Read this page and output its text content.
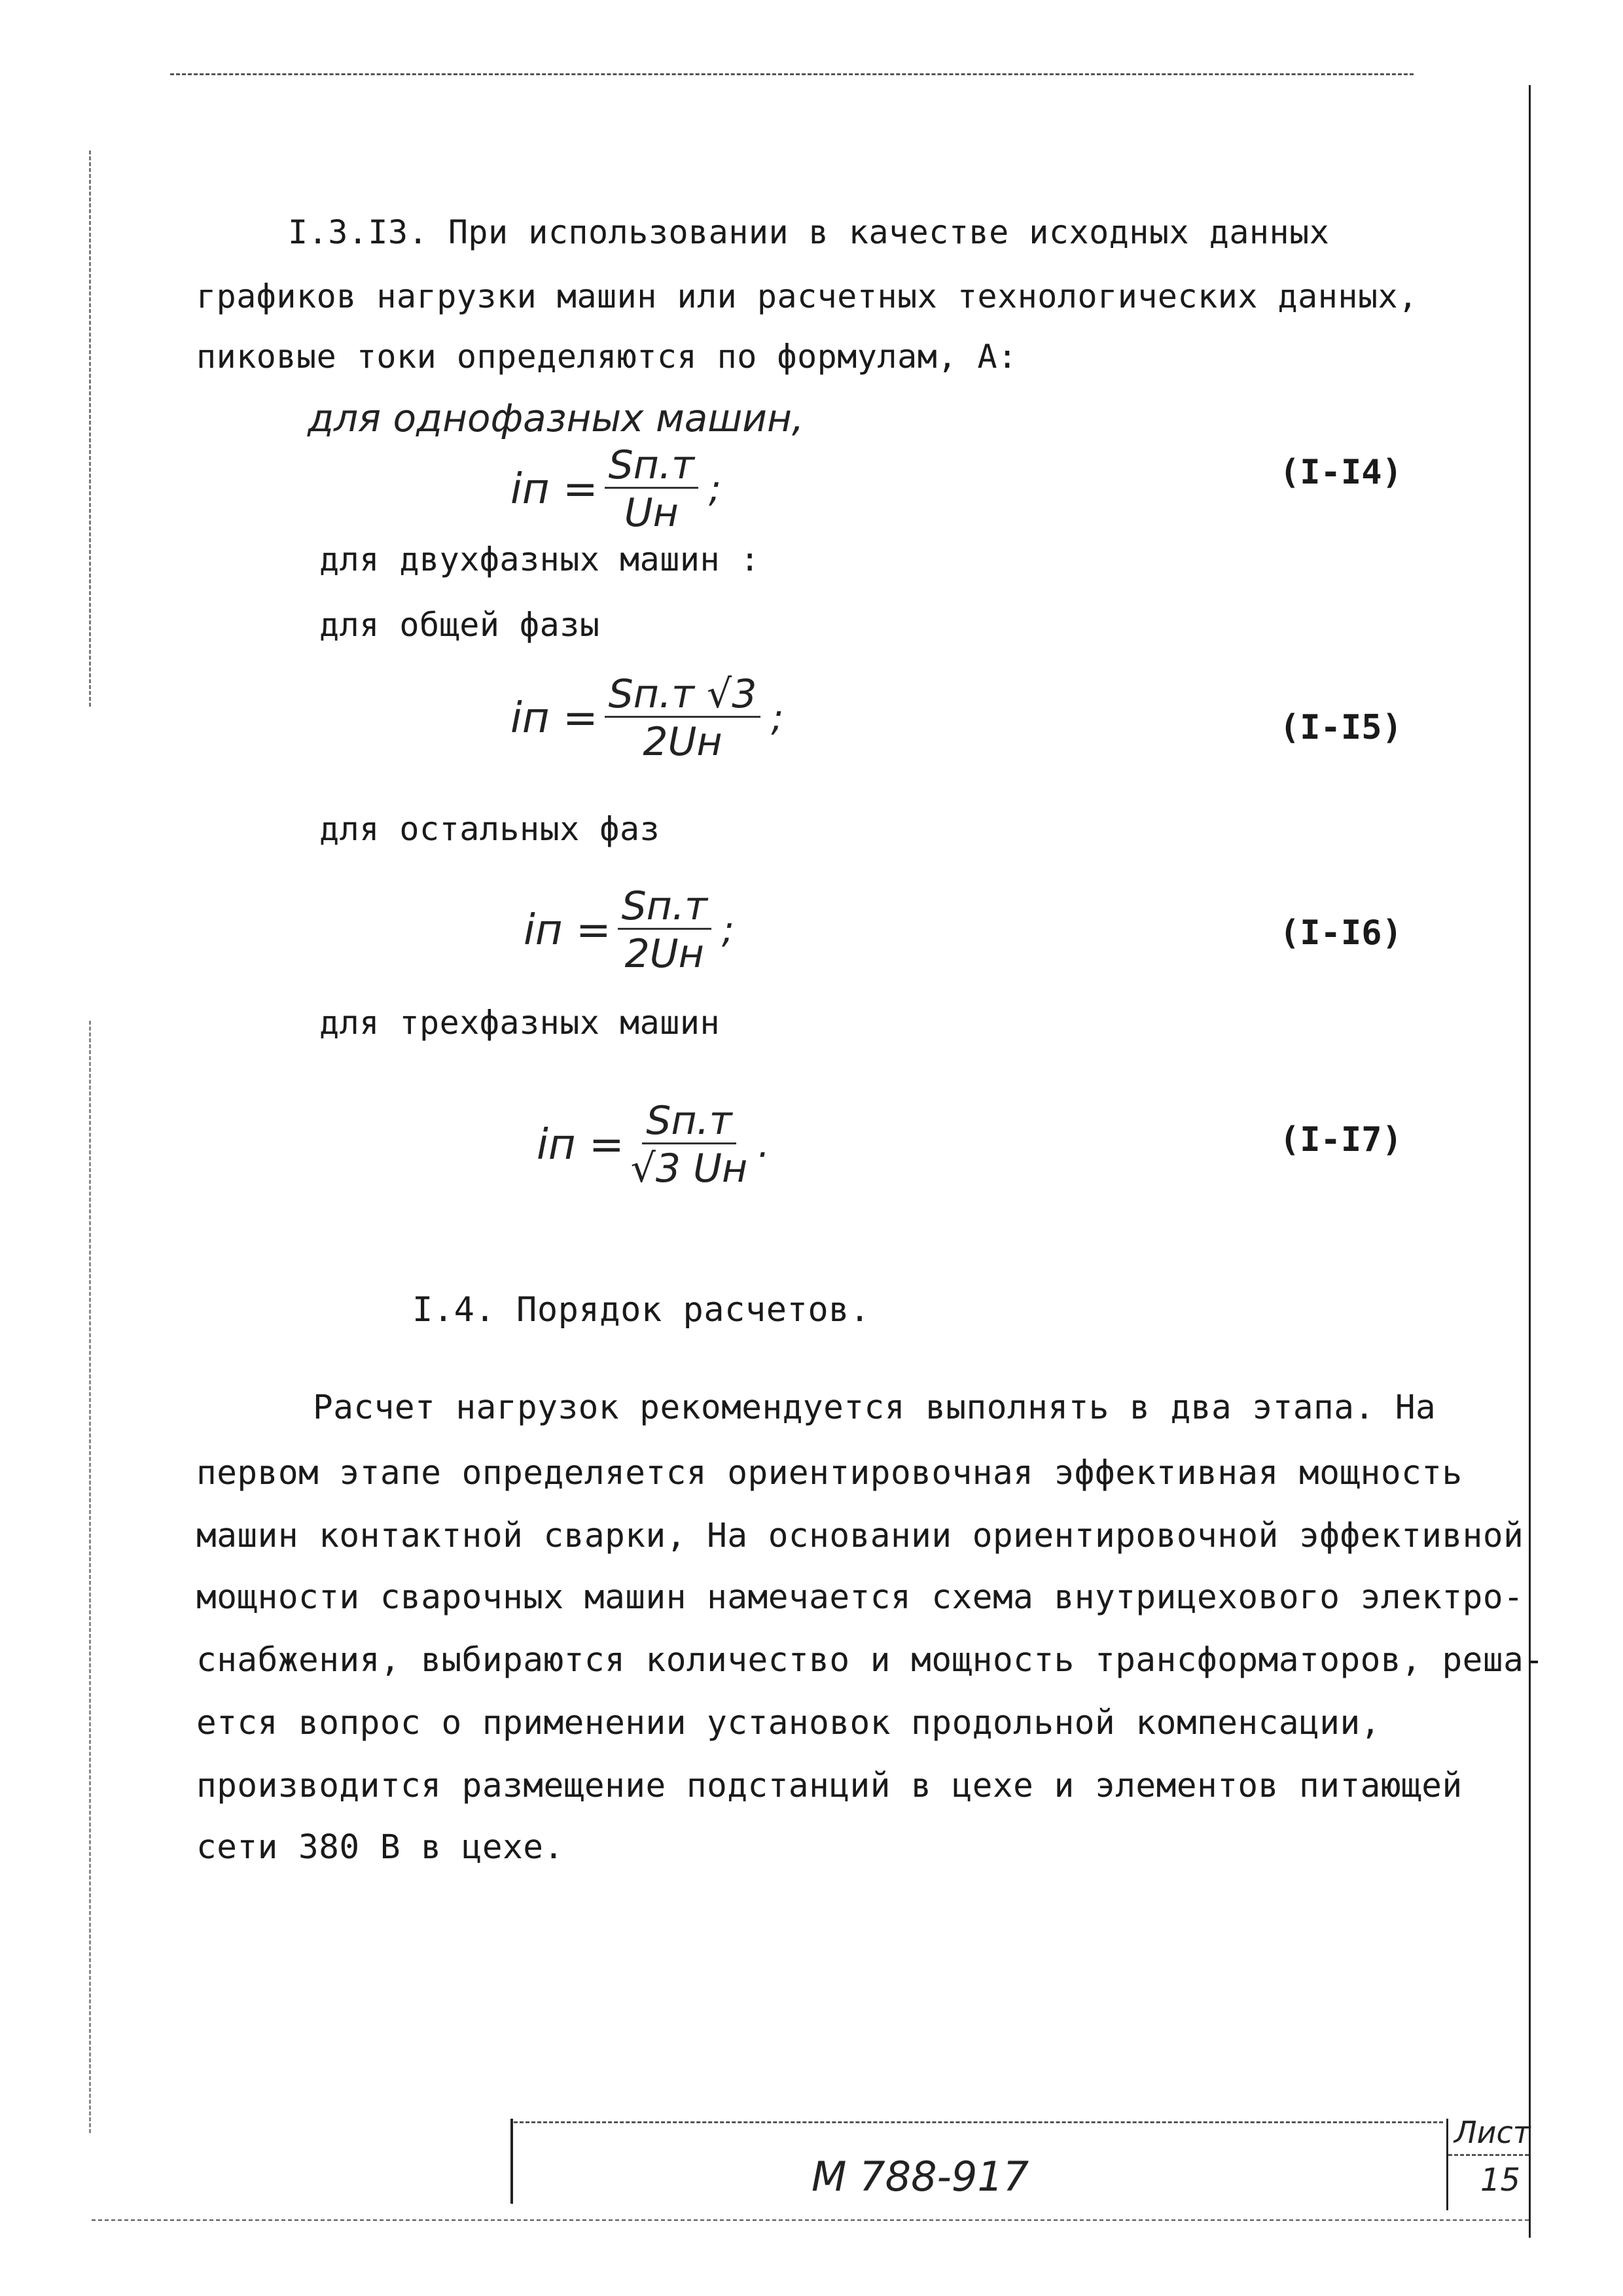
I.3.I3. При использовании в качестве исходных данных
графиков нагрузки машин или расчетных технологических данных,
пиковые токи определяются по формулам, А:
для однофазных машин,
iп = $\frac{Sп.т}{Uн}$ ;	(I-I4)
для двухфазных машин :
для общей фазы
iп = $\frac{Sп.т √3}{2Uн}$ ;	(I-I5)
для остальных фаз
iп = $\frac{Sп.т}{2Uн}$ ;	(I-I6)
для трехфазных машин
iп = $\frac{Sп.т}{√3 Uн}$ .	(I-I7)
I.4. Порядок расчетов.
Расчет нагрузок рекомендуется выполнять в два этапа. На
первом этапе определяется ориентировочная эффективная мощность
машин контактной сварки, На основании ориентировочной эффективной
мощности сварочных машин намечается схема внутрицехового электро-
снабжения, выбираются количество и мощность трансформаторов, реша-
ется вопрос о применении установок продольной компенсации,
производится размещение подстанций в цехе и элементов питающей
сети 380 В в цехе.
М 788-917
Лист
15
